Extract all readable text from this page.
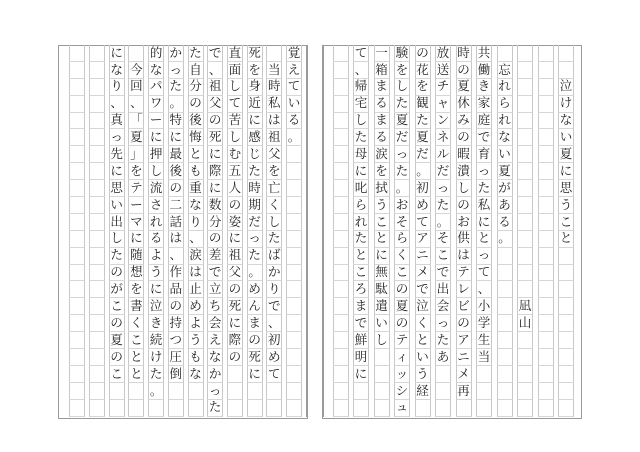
泣
け
な
い
夏
に
思
う
こ
と
凪
山
忘
れ
ら
れ
な
い
夏
が
あ
る
。
共
働
き
家
庭
で
育
っ
た
私
に
と
っ
て
、
小
学
生
当
時
の
夏
休
み
の
暇
潰
し
の
お
供
は
テ
レ
ビ
の
ア
ニ
メ
再
放
送
チ
ャ
ン
ネ
ル
だ
っ
た
。
そ
こ
で
出
会
っ
た
あ
の
花
を
観
た
夏
だ
。
初
め
て
ア
ニ
メ
で
泣
く
と
い
う
経
験
を
し
た
夏
だ
っ
た
。
お
そ
ら
く
こ
の
夏
の
テ
ィ
ッ
シ
ュ
一
箱
ま
る
ま
る
涙
を
拭
う
こ
と
に
無
駄
遣
い
し
て
、
帰
宅
し
た
母
に
叱
ら
れ
た
と
こ
ろ
ま
で
鮮
明
に
覚
え
て
い
る
。
当
時
私
は
祖
父
を
亡
く
し
た
ば
か
り
で
、
初
め
て
死
を
身
近
に
感
じ
た
時
期
だ
っ
た
。
め
ん
ま
の
死
に
直
面
し
て
苦
し
む
五
人
の
姿
に
祖
父
の
死
に
際
の
で
、
祖
父
の
死
に
際
に
数
分
の
差
で
立
ち
会
え
な
か
っ
た
た
自
分
の
後
悔
と
も
重
な
り
、
涙
は
止
め
よ
う
も
な
か
っ
た
。
特
に
最
後
の
二
話
は
、
作
品
の
持
つ
圧
倒
的
な
パ
ワ
ー
に
押
し
流
さ
れ
る
よ
う
に
泣
き
続
け
た
。
今
回
、
「
夏
」
を
テ
ー
マ
に
随
想
を
書
く
こ
と
と
に
な
り
、
真
っ
先
に
思
い
出
し
た
の
が
こ
の
夏
の
こ
